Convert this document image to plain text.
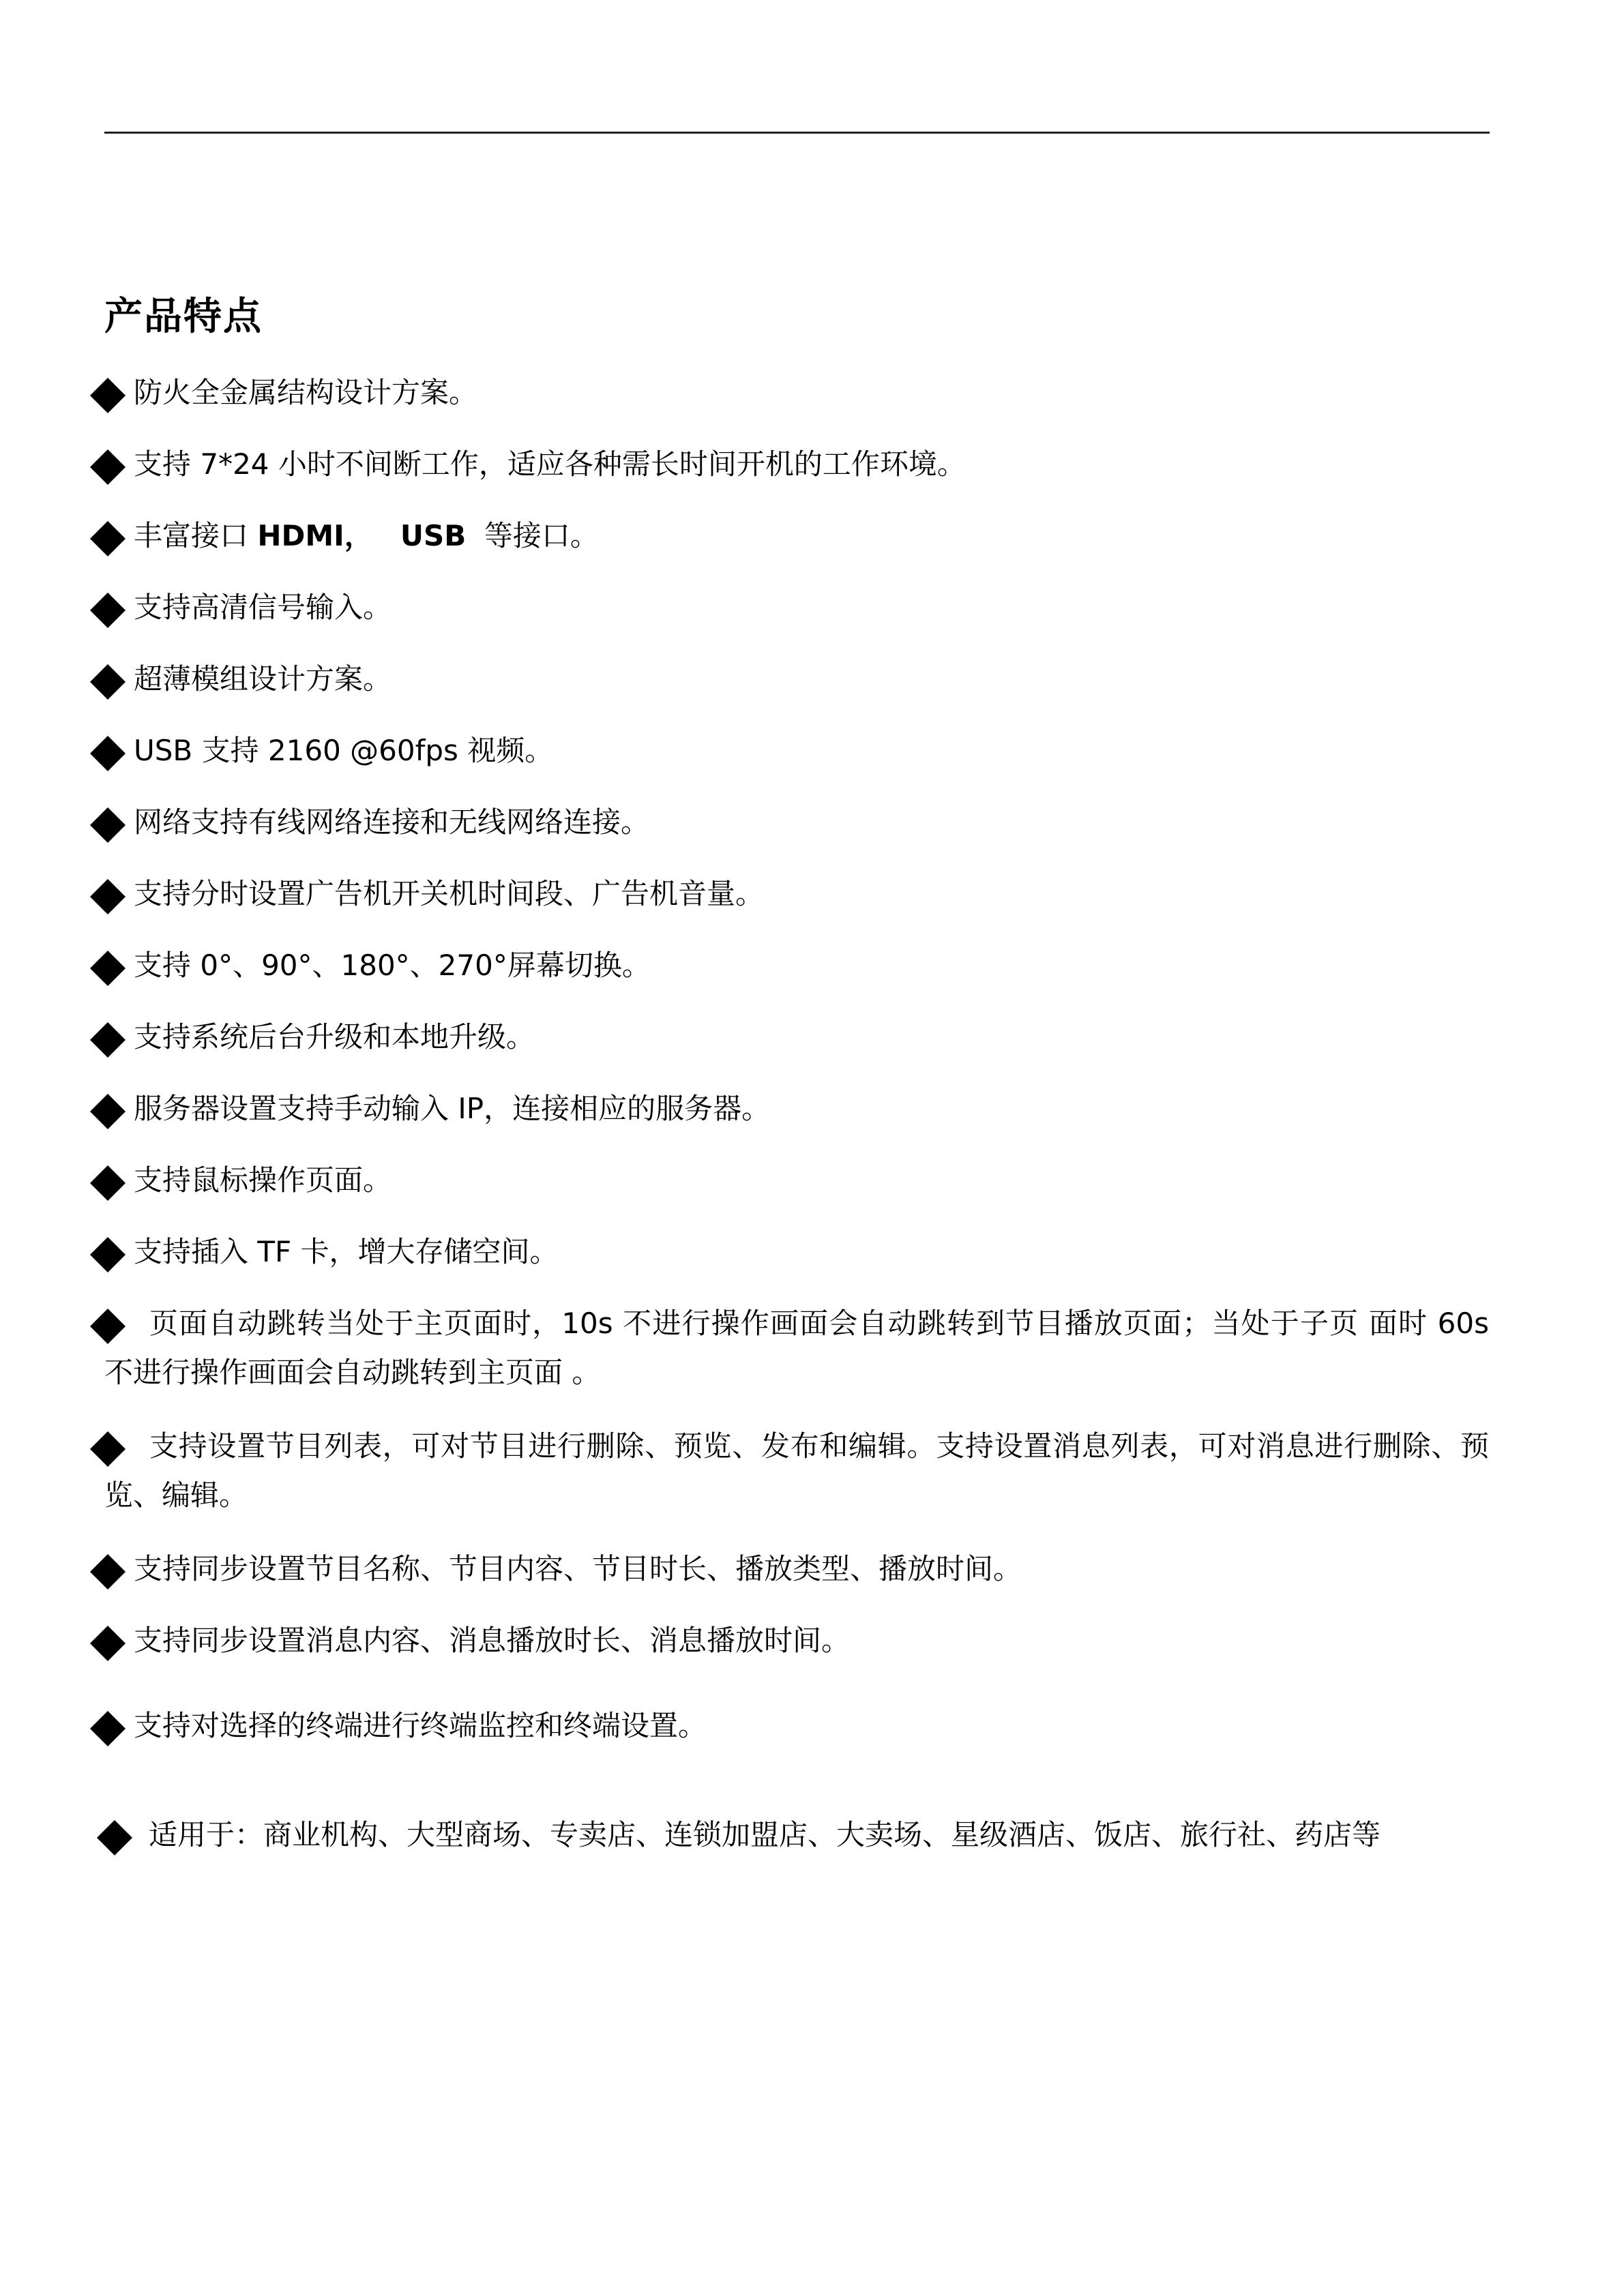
产品特点
防火全金属结构设计方案。
支持 7*24 小时不间断工作，适应各种需长时间开机的工作环境。
丰富接口 HDMI， USB  等接口。
支持高清信号输入。
超薄模组设计方案。
USB 支持 2160 @60fps 视频。
网络支持有线网络连接和无线网络连接。
支持分时设置广告机开关机时间段、广告机音量。
支持 0°、90°、180°、270°屏幕切换。
支持系统后台升级和本地升级。
服务器设置支持手动输入 IP，连接相应的服务器。
支持鼠标操作页面。
支持插入 TF 卡，增大存储空间。
页面自动跳转当处于主页面时，10s 不进行操作画面会自动跳转到节目播放页面；当处于子页 面时 60s 不进行操作画面会自动跳转到主页面 。
支持设置节目列表，可对节目进行删除、预览、发布和编辑。支持设置消息列表，可对消息进行删除、预览、编辑。
支持同步设置节目名称、节目内容、节目时长、播放类型、播放时间。
支持同步设置消息内容、消息播放时长、消息播放时间。
支持对选择的终端进行终端监控和终端设置。
适用于：商业机构、大型商场、专卖店、连锁加盟店、大卖场、星级酒店、饭店、旅行社、药店等
